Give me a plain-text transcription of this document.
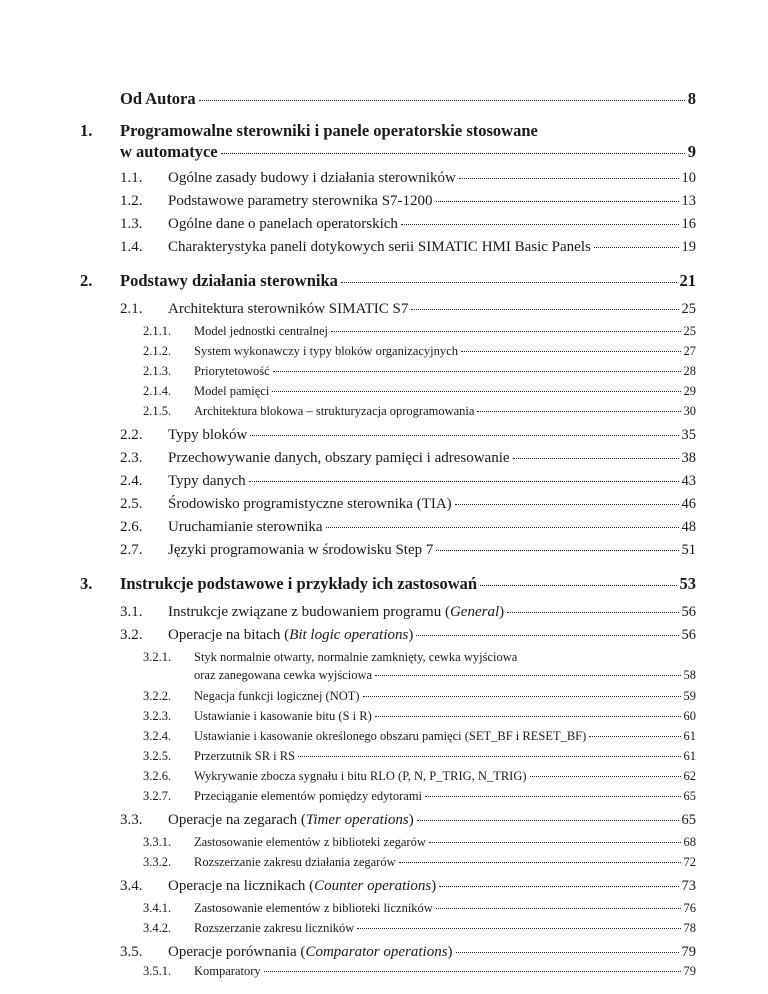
Od Autora	8
1. Programowalne sterowniki i panele operatorskie stosowane
w automatyce	9
1.1. Ogólne zasady budowy i działania sterowników	10
1.2. Podstawowe parametry sterownika S7-1200	13
1.3. Ogólne dane o panelach operatorskich	16
1.4. Charakterystyka paneli dotykowych serii SIMATIC HMI Basic Panels	19
2. Podstawy działania sterownika	21
2.1. Architektura sterowników SIMATIC S7	25
2.1.1. Model jednostki centralnej	25
2.1.2. System wykonawczy i typy bloków organizacyjnych	27
2.1.3. Priorytetowość	28
2.1.4. Model pamięci	29
2.1.5. Architektura blokowa – strukturyzacja oprogramowania	30
2.2. Typy bloków	35
2.3. Przechowywanie danych, obszary pamięci i adresowanie	38
2.4. Typy danych	43
2.5. Środowisko programistyczne sterownika (TIA)	46
2.6. Uruchamianie sterownika	48
2.7. Języki programowania w środowisku Step 7	51
3. Instrukcje podstawowe i przykłady ich zastosowań	53
3.1. Instrukcje związane z budowaniem programu (General)	56
3.2. Operacje na bitach (Bit logic operations)	56
3.2.1. Styk normalnie otwarty, normalnie zamknięty, cewka wyjściowa
oraz zanegowana cewka wyjściowa	58
3.2.2. Negacja funkcji logicznej (NOT)	59
3.2.3. Ustawianie i kasowanie bitu (S i R)	60
3.2.4. Ustawianie i kasowanie określonego obszaru pamięci (SET_BF i RESET_BF)	61
3.2.5. Przerzutnik SR i RS	61
3.2.6. Wykrywanie zbocza sygnału i bitu RLO (P, N, P_TRIG, N_TRIG)	62
3.2.7. Przeciąganie elementów pomiędzy edytorami	65
3.3. Operacje na zegarach (Timer operations)	65
3.3.1. Zastosowanie elementów z biblioteki zegarów	68
3.3.2. Rozszerzanie zakresu działania zegarów	72
3.4. Operacje na licznikach (Counter operations)	73
3.4.1. Zastosowanie elementów z biblioteki liczników	76
3.4.2. Rozszerzanie zakresu liczników	78
3.5. Operacje porównania (Comparator operations)	79
3.5.1. Komparatory	79
